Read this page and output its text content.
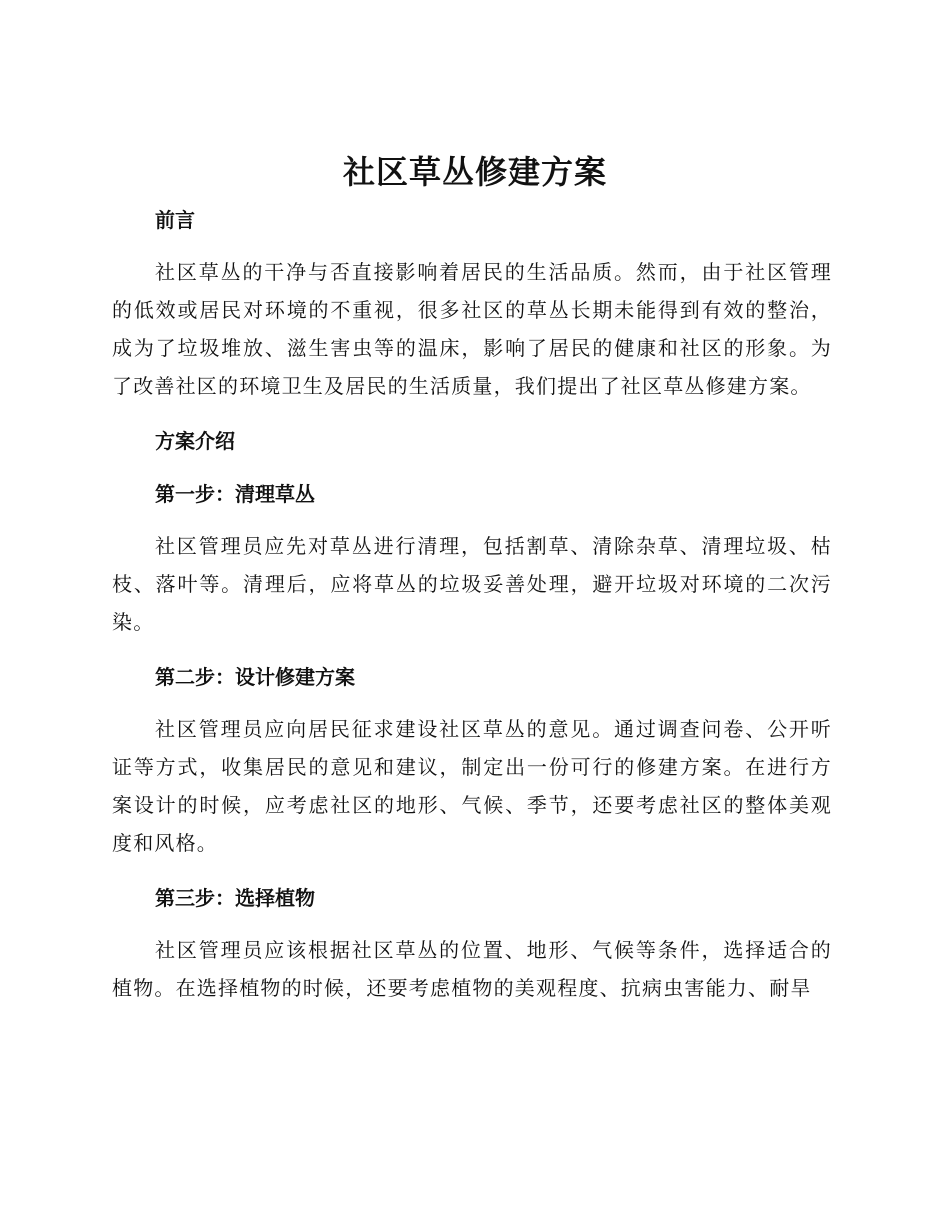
社区草丛修建方案
前言

社区草丛的干净与否直接影响着居民的生活品质。然而，由于社区管理的低效或居民对环境的不重视，很多社区的草丛长期未能得到有效的整治，成为了垃圾堆放、滋生害虫等的温床，影响了居民的健康和社区的形象。为了改善社区的环境卫生及居民的生活质量，我们提出了社区草丛修建方案。

方案介绍
第一步：清理草丛

社区管理员应先对草丛进行清理，包括割草、清除杂草、清理垃圾、枯枝、落叶等。清理后，应将草丛的垃圾妥善处理，避开垃圾对环境的二次污染。

第二步：设计修建方案

社区管理员应向居民征求建设社区草丛的意见。通过调查问卷、公开听证等方式，收集居民的意见和建议，制定出一份可行的修建方案。在进行方案设计的时候，应考虑社区的地形、气候、季节，还要考虑社区的整体美观度和风格。

第三步：选择植物

社区管理员应该根据社区草丛的位置、地形、气候等条件，选择适合的植物。在选择植物的时候，还要考虑植物的美观程度、抗病虫害能力、耐旱
